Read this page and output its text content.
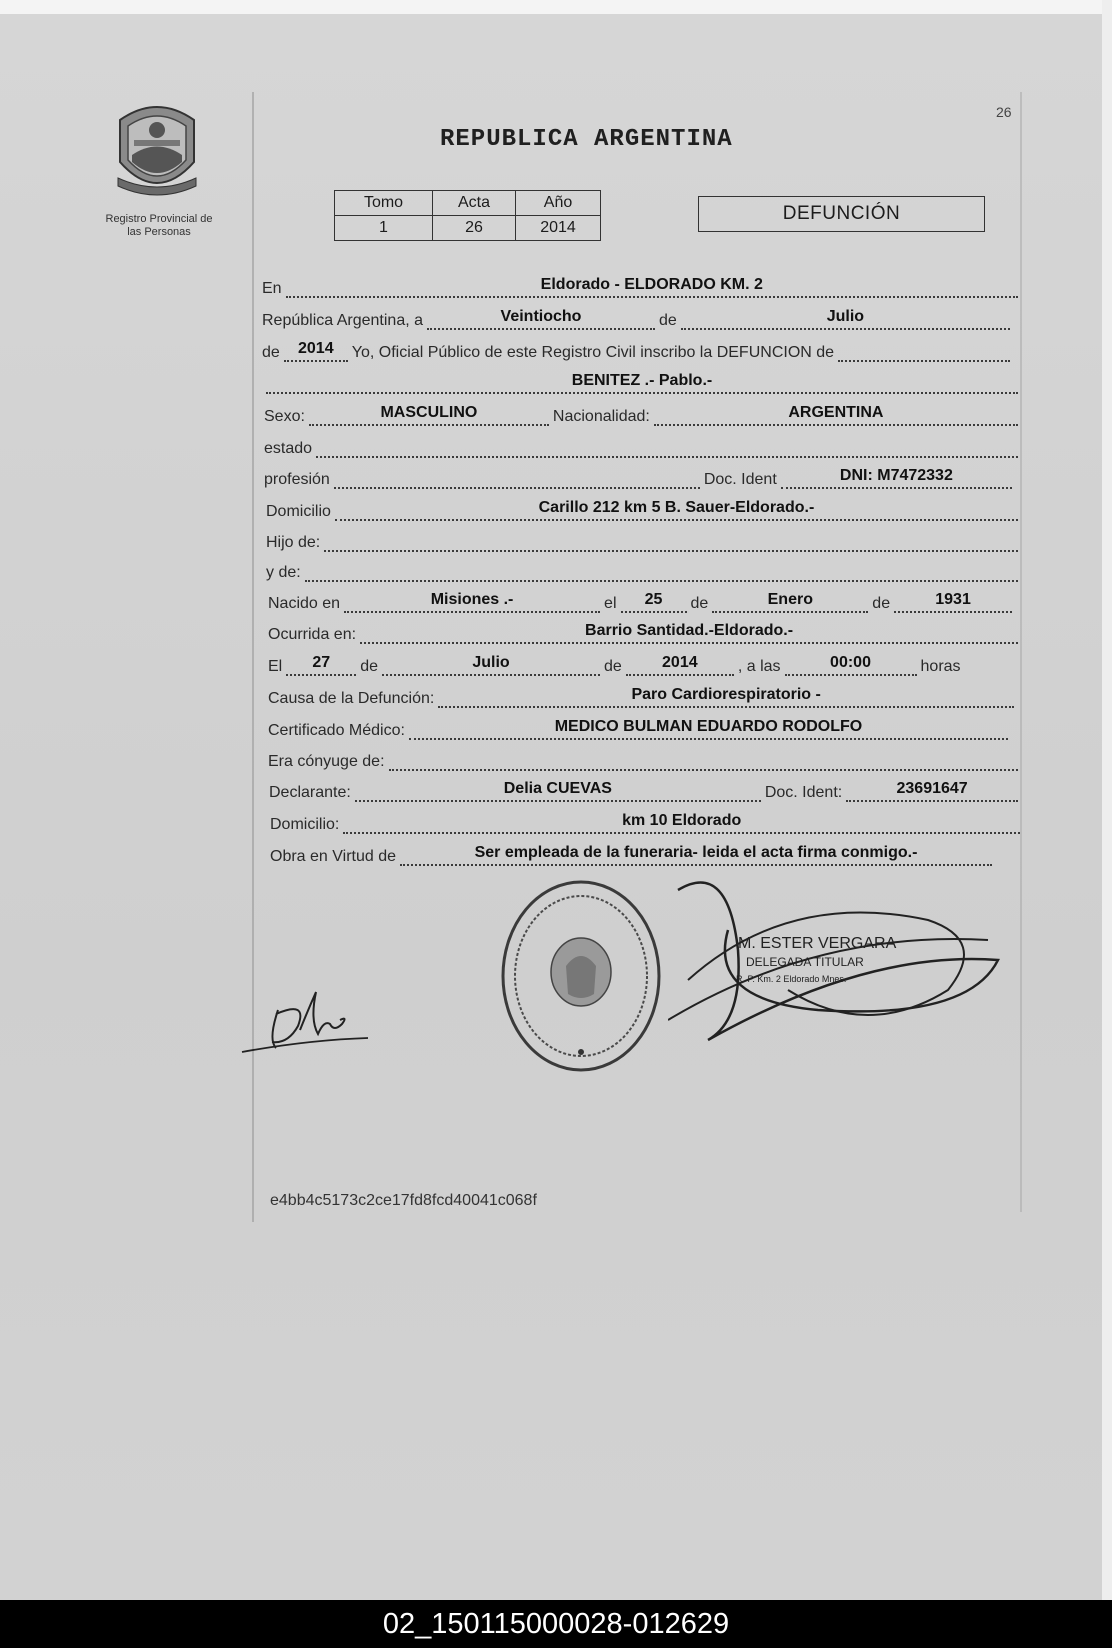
Registro Provincial de
las Personas
26
REPUBLICA ARGENTINA
Tomo	Acta	Año
1	26	2014
DEFUNCIÓN
En	Eldorado - ELDORADO KM. 2
República Argentina, a	Veintiocho	de	Julio
de	2014	Yo, Oficial Público de este Registro Civil inscribo la DEFUNCION de
BENITEZ .- Pablo.-
Sexo:	MASCULINO	Nacionalidad:	ARGENTINA
estado
profesión	Doc. Ident	DNI: M7472332
Domicilio	Carillo 212 km 5 B. Sauer-Eldorado.-
Hijo de:
y de:
Nacido en	Misiones .-	el	25	de	Enero	de	1931
Ocurrida en:	Barrio Santidad.-Eldorado.-
El	27	de	Julio	de	2014	, a las	00:00	horas
Causa de la Defunción:	Paro Cardiorespiratorio -
Certificado Médico:	MEDICO BULMAN EDUARDO RODOLFO
Era cónyuge de:
Declarante:	Delia CUEVAS	Doc. Ident:	23691647
Domicilio:	km 10 Eldorado
Obra en Virtud de	Ser empleada de la funeraria- leida el acta firma conmigo.-
M. ESTER VERGARA
DELEGADA TITULAR
R. P. Km. 2 Eldorado Mnes.
e4bb4c5173c2ce17fd8fcd40041c068f
02_150115000028-012629
